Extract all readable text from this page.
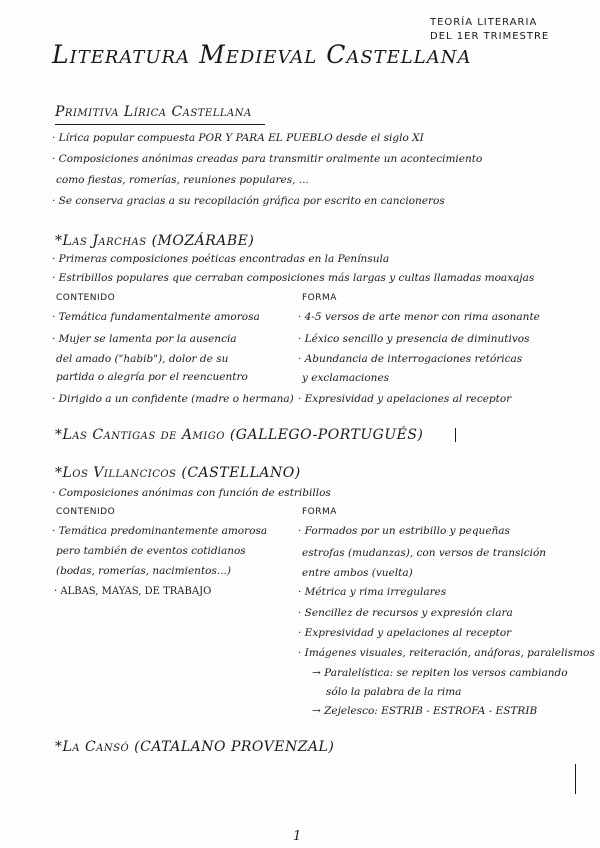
TEORÍA LITERARIA
DEL 1ER TRIMESTRE
Literatura Medieval Castellana
Primitiva Lírica Castellana
· Lírica popular compuesta POR Y PARA EL PUEBLO desde el siglo XI
· Composiciones anónimas creadas para transmitir oralmente un acontecimiento
como fiestas, romerías, reuniones populares, ...
· Se conserva gracias a su recopilación gráfica por escrito en cancioneros
*Las Jarchas (MOZÁRABE)
· Primeras composiciones poéticas encontradas en la Península
· Estribillos populares que cerraban composiciones más largas y cultas llamadas moaxajas
CONTENIDO	FORMA
· Temática fundamentalmente amorosa
· Mujer se lamenta por la ausencia
del amado ("habib"), dolor de su
partida o alegría por el reencuentro
· Dirigido a un confidente (madre o hermana)
· 4-5 versos de arte menor con rima asonante
· Léxico sencillo y presencia de diminutivos
· Abundancia de interrogaciones retóricas
y exclamaciones
· Expresividad y apelaciones al receptor
*Las Cantigas de Amigo (GALLEGO-PORTUGUÉS)
*Los Villancicos (CASTELLANO)
· Composiciones anónimas con función de estribillos
CONTENIDO	FORMA
· Temática predominantemente amorosa
pero también de eventos cotidianos
(bodas, romerías, nacimientos...)
· ALBAS, MAYAS, DE TRABAJO
· Formados por un estribillo y pequeñas
estrofas (mudanzas), con versos de transición
entre ambos (vuelta)
· Métrica y rima irregulares
· Sencillez de recursos y expresión clara
· Expresividad y apelaciones al receptor
· Imágenes visuales, reiteración, anáforas, paralelismos
→ Paralelística: se repiten los versos cambiando
sólo la palabra de la rima
→ Zejelesco: ESTRIB - ESTROFA - ESTRIB
*La Cansó (CATALANO PROVENZAL)
1
